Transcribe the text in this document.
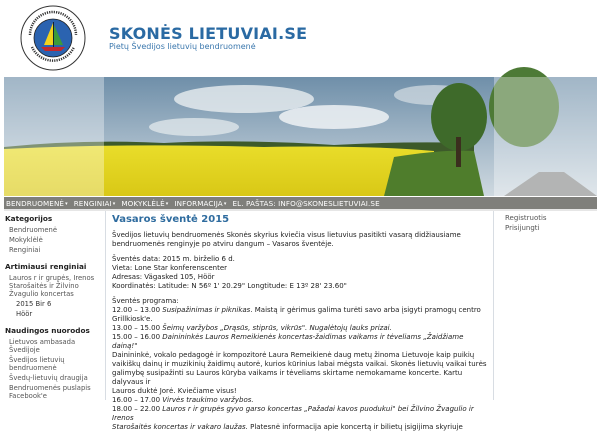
SKONĖS LIETUVIAI.SE
Pietų Švedijos lietuvių bendruomenė
BENDRUOMENĖ▾ RENGINIAI▾ MOKYKLĖLĖ▾ INFORMACIJA▾ EL. PAŠTAS: INFO@SKONESLIETUVIAI.SE
Kategorijos
Bendruomenė
Mokyklėlė
Renginiai
Artimiausi renginiai
Lauros r ir grupės, Irenos
Starošaitės ir Žilvino
Žvagulio koncertas
2015 Bir 6
Höör
Naudingos nuorodos
Lietuvos ambasada
Švedijoje
Švedijos lietuvių
bendruomenė
Švedų-lietuvių draugija
Bendruomenės puslapis
Facebook'e
Vasaros šventė 2015
Švedijos lietuvių bendruomenės Skonės skyrius kviečia visus lietuvius pasitikti vasarą didžiausiame
bendruomenės renginyje po atviru dangum – Vasaros šventėje.
Šventės data: 2015 m. birželio 6 d.
Vieta: Lone Star konferenscenter
Adresas: Vägasked 105, Höör
Koordinatės: Latitude: N 56º 1' 20.29" Longtitude: E 13º 28' 23.60"
Šventės programa:
12.00 – 13.00 Susipažinimas ir piknikas. Maistą ir gėrimus galima turėti savo arba įsigyti pramogų centro
Grillkiosk'e.
13.00 – 15.00 Šeimų varžybos „Drąsūs, stiprūs, vikrūs". Nugalėtojų lauks prizai.
15.00 – 16.00 Dainininkės Lauros Remeikienės koncertas-žaidimas vaikams ir tėveliams „Žaidžiame dainą!"
Dainininkė, vokalo pedagogė ir kompozitorė Laura Remeikienė daug metų žinoma Lietuvoje kaip puikių
vaikiškų dainų ir muzikinių žaidimų autorė, kurios kūrinius labai mėgsta vaikai. Skonės lietuvių vaikai turės
galimybę susipažinti su Lauros kūryba vaikams ir tėveliams skirtame nemokamame koncerte. Kartu dalyvaus ir
Lauros duktė Jorė. Kviečiame visus!
16.00 – 17.00 Virvės traukimo varžybos.
18.00 – 22.00 Lauros r ir grupės gyvo garso koncertas „Pažadai kavos puodukui" bei Žilvino Žvagulio ir Irenos
Starošaitės koncertas ir vakaro laužas. Platesnė informacija apie koncertą ir bilietų įsigijima skyriuje
Registruotis
Prisijungti
